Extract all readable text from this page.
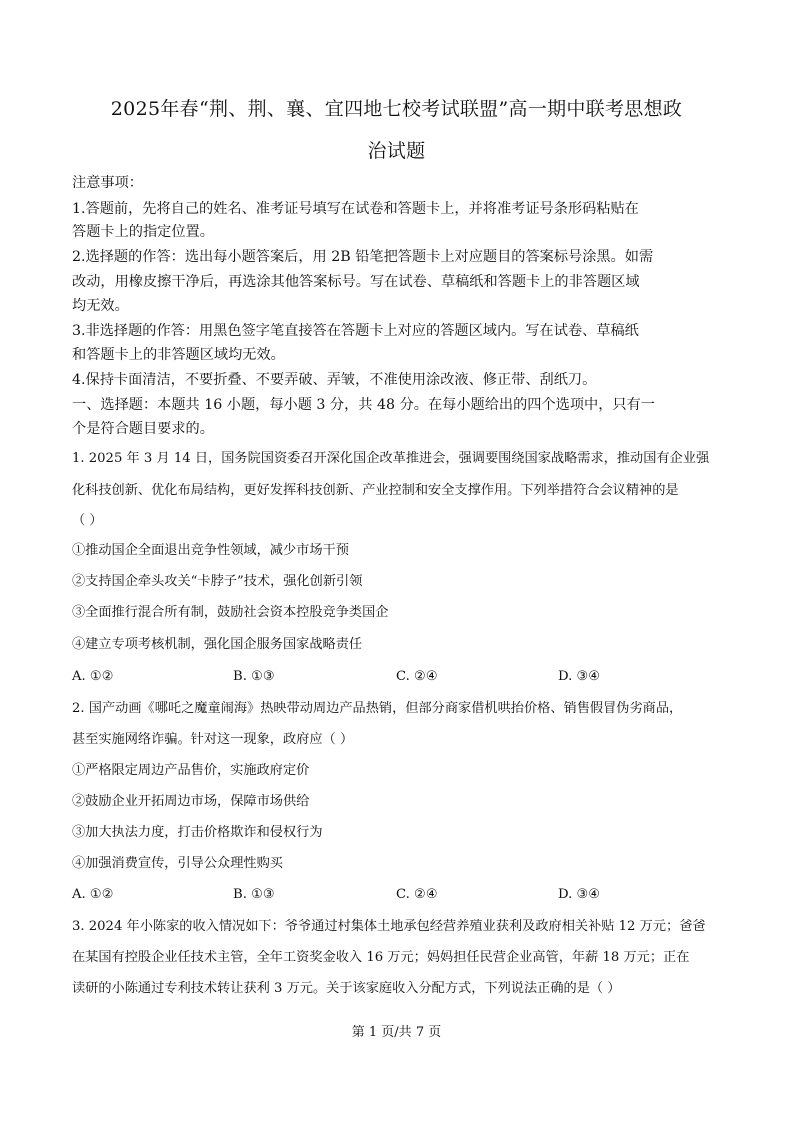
2025年春“荆、荆、襄、宜四地七校考试联盟”高一期中联考思想政
治试题
注意事项：
1.答题前，先将自己的姓名、准考证号填写在试卷和答题卡上，并将准考证号条形码粘贴在
答题卡上的指定位置。
2.选择题的作答：选出每小题答案后，用 2B 铅笔把答题卡上对应题目的答案标号涂黑。如需
改动，用橡皮擦干净后，再选涂其他答案标号。写在试卷、草稿纸和答题卡上的非答题区域
均无效。
3.非选择题的作答：用黑色签字笔直接答在答题卡上对应的答题区域内。写在试卷、草稿纸
和答题卡上的非答题区域均无效。
4.保持卡面清洁，不要折叠、不要弄破、弄皱，不准使用涂改液、修正带、刮纸刀。
一、选择题：本题共 16 小题，每小题 3 分，共 48 分。在每小题给出的四个选项中，只有一
个是符合题目要求的。
1. 2025 年 3 月 14 日，国务院国资委召开深化国企改革推进会，强调要围绕国家战略需求，推动国有企业强
化科技创新、优化布局结构，更好发挥科技创新、产业控制和安全支撑作用。下列举措符合会议精神的是
（ ）
①推动国企全面退出竞争性领域，减少市场干预
②支持国企牵头攻关“卡脖子”技术，强化创新引领
③全面推行混合所有制，鼓励社会资本控股竞争类国企
④建立专项考核机制，强化国企服务国家战略责任
A. ①②	B. ①③	C. ②④	D. ③④
2. 国产动画《哪吒之魔童闹海》热映带动周边产品热销，但部分商家借机哄抬价格、销售假冒伪劣商品，
甚至实施网络诈骗。针对这一现象，政府应（ ）
①严格限定周边产品售价，实施政府定价
②鼓励企业开拓周边市场，保障市场供给
③加大执法力度，打击价格欺诈和侵权行为
④加强消费宣传，引导公众理性购买
A. ①②	B. ①③	C. ②④	D. ③④
3. 2024 年小陈家的收入情况如下：爷爷通过村集体土地承包经营养殖业获利及政府相关补贴 12 万元；爸爸
在某国有控股企业任技术主管，全年工资奖金收入 16 万元；妈妈担任民营企业高管，年薪 18 万元；正在
读研的小陈通过专利技术转让获利 3 万元。关于该家庭收入分配方式，下列说法正确的是（ ）
第 1 页/共 7 页
